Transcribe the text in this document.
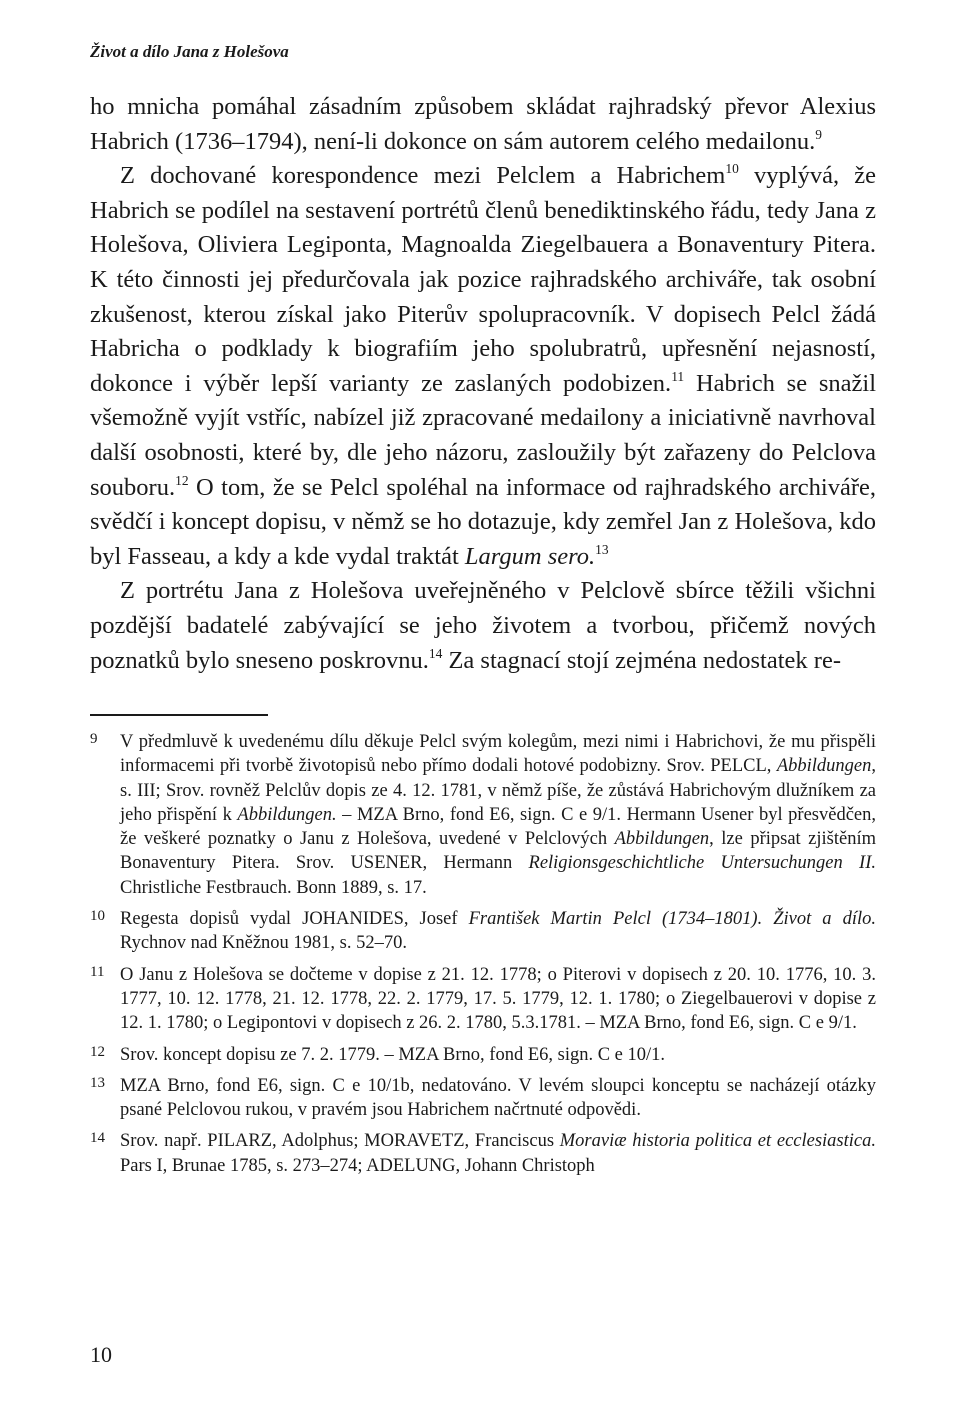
Život a dílo Jana z Holešova

ho mnicha pomáhal zásadním způsobem skládat rajhradský převor Alexius Habrich (1736–1794), není-li dokonce on sám autorem celého medailonu.$^9$

Z dochované korespondence mezi Pelclem a Habrichem$^{10}$ vyplývá, že Habrich se podílel na sestavení portrétů členů benediktinského řádu, tedy Jana z Holešova, Oliviera Legiponta, Magnoalda Ziegelbauera a Bonaventury Pitera. K této činnosti jej předurčovala jak pozice rajhradského archiváře, tak osobní zkušenost, kterou získal jako Piterův spolupracovník. V dopisech Pelcl žádá Habricha o podklady k biografiím jeho spolubratrů, upřesnění nejasností, dokonce i výběr lepší varianty ze zaslaných podobizen.$^{11}$ Habrich se snažil všemožně vyjít vstříc, nabízel již zpracované medailony a iniciativně navrhoval další osobnosti, které by, dle jeho názoru, zasloužily být zařazeny do Pelclova souboru.$^{12}$ O tom, že se Pelcl spoléhal na informace od rajhradského archiváře, svědčí i koncept dopisu, v němž se ho dotazuje, kdy zemřel Jan z Holešova, kdo byl Fasseau, a kdy a kde vydal traktát Largum sero.$^{13}$

Z portrétu Jana z Holešova uveřejněného v Pelclově sbírce těžili všichni pozdější badatelé zabývající se jeho životem a tvorbou, přičemž nových poznatků bylo sneseno poskrovnu.$^{14}$ Za stagnací stojí zejména nedostatek re-

9	V předmluvě k uvedenému dílu děkuje Pelcl svým kolegům, mezi nimi i Habrichovi, že mu přispěli informacemi při tvorbě životopisů nebo přímo dodali hotové podobizny. Srov. PELCL, Abbildungen, s. III; Srov. rovněž Pelclův dopis ze 4. 12. 1781, v němž píše, že zůstává Habrichovým dlužníkem za jeho přispění k Abbildungen. – MZA Brno, fond E6, sign. C e 9/1. Hermann Usener byl přesvědčen, že veškeré poznatky o Janu z Holešova, uvedené v Pelclových Abbildungen, lze připsat zjištěním Bonaventury Pitera. Srov. USENER, Hermann Religionsgeschichtliche Untersuchungen II. Christliche Festbrauch. Bonn 1889, s. 17.
10 Regesta dopisů vydal JOHANIDES, Josef František Martin Pelcl (1734–1801). Život a dílo. Rychnov nad Kněžnou 1981, s. 52–70.
11 O Janu z Holešova se dočteme v dopise z 21. 12. 1778; o Piterovi v dopisech z 20. 10. 1776, 10. 3. 1777, 10. 12. 1778, 21. 12. 1778, 22. 2. 1779, 17. 5. 1779, 12. 1. 1780; o Ziegelbauerovi v dopise z 12. 1. 1780; o Legipontovi v dopisech z 26. 2. 1780, 5.3.1781. – MZA Brno, fond E6, sign. C e 9/1.
12 Srov. koncept dopisu ze 7. 2. 1779. – MZA Brno, fond E6, sign. C e 10/1.
13 MZA Brno, fond E6, sign. C e 10/1b, nedatováno. V levém sloupci konceptu se nacházejí otázky psané Pelclovou rukou, v pravém jsou Habrichem načrtnuté odpovědi.
14 Srov. např. PILARZ, Adolphus; MORAVETZ, Franciscus Moraviæ historia politica et ecclesiastica. Pars I, Brunae 1785, s. 273–274; ADELUNG, Johann Christoph
10
